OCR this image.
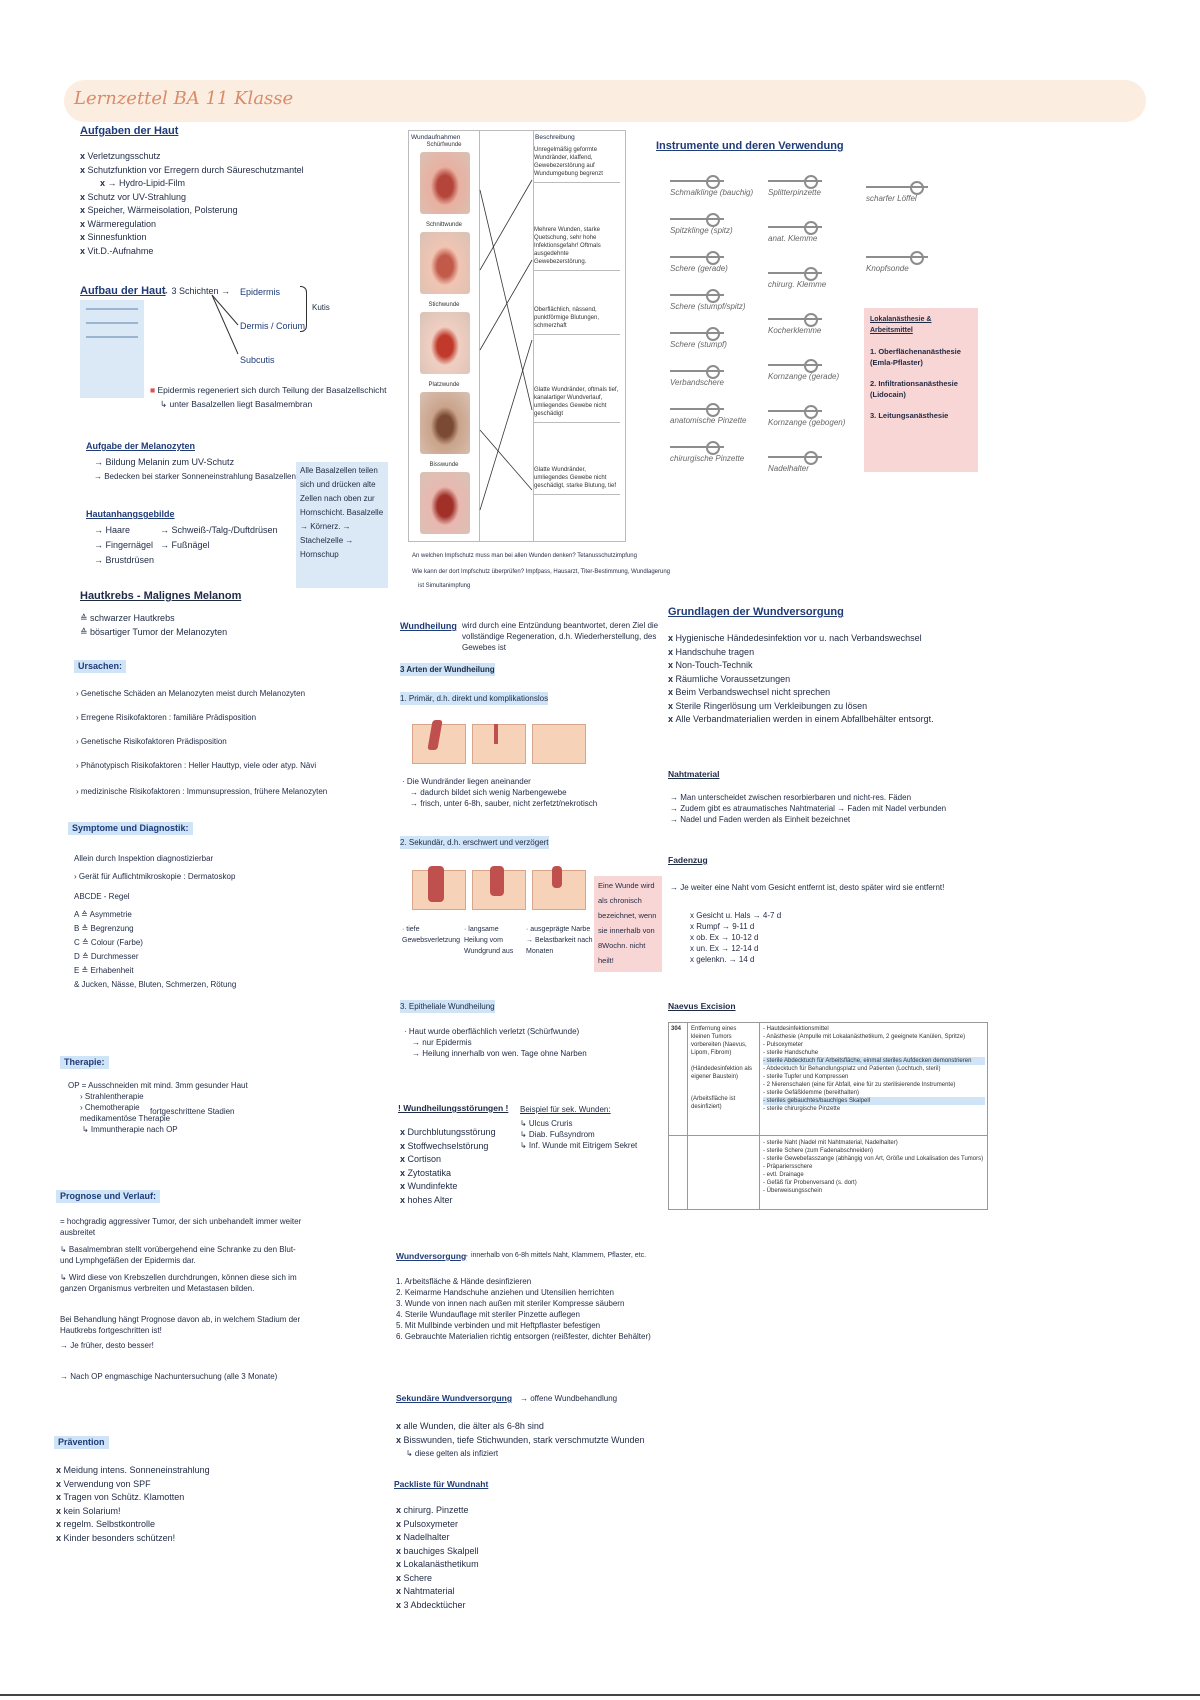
Lernzettel BA 11 Klasse
Aufgaben der Haut
x Verletzungsschutz
x Schutzfunktion vor Erregern durch Säureschutzmantel
x → Hydro-Lipid-Film
x Schutz vor UV-Strahlung
x Speicher, Wärmeisolation, Polsterung
x Wärmeregulation
x Sinnesfunktion
x Vit.D.-Aufnahme
Aufbau der Haut
→ 3 Schichten → Epidermis
Dermis / Corium
Subcutis
Kutis
■ Epidermis regeneriert sich durch Teilung der Basalzellschicht
↳ unter Basalzellen liegt Basalmembran
Aufgabe der Melanozyten
→ Bildung Melanin zum UV-Schutz
→ Bedecken bei starker Sonneneinstrahlung Basalzellen
Alle Basalzellen teilen sich und drücken alte Zellen nach oben zur Hornschicht. Basalzelle → Körnerz. → Stachelzelle → Hornschup
Hautanhangsgebilde
→ Haare	→ Schweiß-/Talg-/Duftdrüsen
→ Fingernägel → Fußnägel
→ Brustdrüsen
Hautkrebs - Malignes Melanom
≙ schwarzer Hautkrebs
≙ bösartiger Tumor der Melanozyten
Ursachen:
› Genetische Schäden an Melanozyten meist durch Melanozyten
› Erregene Risikofaktoren : familiäre Prädisposition
› Genetische Risikofaktoren Prädisposition
› Phänotypisch Risikofaktoren : Heller Hauttyp, viele oder atyp. Nävi
› medizinische Risikofaktoren : Immunsupression, frühere Melanozyten
Symptome und Diagnostik:
Allein durch Inspektion diagnostizierbar
› Gerät für Auflichtmikroskopie : Dermatoskop
ABCDE - Regel
A ≙ Asymmetrie
B ≙ Begrenzung
C ≙ Colour (Farbe)
D ≙ Durchmesser
E ≙ Erhabenheit
& Jucken, Nässe, Bluten, Schmerzen, Rötung
Therapie:
OP = Ausschneiden mit mind. 3mm gesunder Haut
› Strahlentherapie
› Chemotherapie
medikamentöse Therapie
↳ Immuntherapie nach OP
fortgeschrittene Stadien
Prognose und Verlauf:
= hochgradig aggressiver Tumor, der sich unbehandelt immer weiter ausbreitet
↳ Basalmembran stellt vorübergehend eine Schranke zu den Blut- und Lymphgefäßen der Epidermis dar.
↳ Wird diese von Krebszellen durchdrungen, können diese sich im ganzen Organismus verbreiten und Metastasen bilden.
Bei Behandlung hängt Prognose davon ab, in welchem Stadium der Hautkrebs fortgeschritten ist!
→ Je früher, desto besser!
→ Nach OP engmaschige Nachuntersuchung (alle 3 Monate)
Prävention
x Meidung intens. Sonneneinstrahlung
x Verwendung von SPF
x Tragen von Schütz. Klamotten
x kein Solarium!
x regelm. Selbstkontrolle
x Kinder besonders schützen!
Wundaufnahmen	Beschreibung
Schürfwunde
Unregelmäßig geformte Wundränder, klaffend, Gewebezerstörung auf Wundumgebung begrenzt
Schnittwunde
Mehrere Wunden, starke Quetschung, sehr hohe Infektionsgefahr! Oftmals ausgedehnte Gewebezerstörung.
Stichwunde
Oberflächlich, nässend, punktförmige Blutungen, schmerzhaft
Platzwunde
Glatte Wundränder, oftmals tief, kanalartiger Wundverlauf, umliegendes Gewebe nicht geschädigt
Bisswunde
Glatte Wundränder, umliegendes Gewebe nicht geschädigt, starke Blutung, tief
An welchen Impfschutz muss man bei allen Wunden denken? Tetanusschutzimpfung
Wie kann der dort Impfschutz überprüfen? Impfpass, Hausarzt, Titer-Bestimmung, Wundlagerung
ist Simultanimpfung
Wundheilung wird durch eine Entzündung beantwortet, deren Ziel die vollständige Regeneration, d.h. Wiederherstellung, des Gewebes ist
3 Arten der Wundheilung
1. Primär, d.h. direkt und komplikationslos
· Die Wundränder liegen aneinander
→ dadurch bildet sich wenig Narbengewebe
→ frisch, unter 6-8h, sauber, nicht zerfetzt/nekrotisch
2. Sekundär, d.h. erschwert und verzögert
· tiefe Gewebsverletzung
· langsame Heilung vom Wundgrund aus
· ausgeprägte Narbe → Belastbarkeit nach Monaten
Eine Wunde wird als chronisch bezeichnet, wenn sie innerhalb von 8Wochn. nicht heilt!
3. Epitheliale Wundheilung
· Haut wurde oberflächlich verletzt (Schürfwunde)
→ nur Epidermis
→ Heilung innerhalb von wen. Tage ohne Narben
! Wundheilungsstörungen !
x Durchblutungsstörung
x Stoffwechselstörung
x Cortison
x Zytostatika
x Wundinfekte
x hohes Alter
Beispiel für sek. Wunden:
↳ Ulcus Cruris
↳ Diab. Fußsyndrom
↳ Inf. Wunde mit Eitrigem Sekret
Wundversorgung
→ innerhalb von 6-8h mittels Naht, Klammern, Pflaster, etc.
1. Arbeitsfläche & Hände desinfizieren
2. Keimarme Handschuhe anziehen und Utensilien herrichten
3. Wunde von innen nach außen mit steriler Kompresse säubern
4. Sterile Wundauflage mit steriler Pinzette auflegen
5. Mit Mullbinde verbinden und mit Heftpflaster befestigen
6. Gebrauchte Materialien richtig entsorgen (reißfester, dichter Behälter)
Sekundäre Wundversorgung → offene Wundbehandlung
x alle Wunden, die älter als 6-8h sind
x Bisswunden, tiefe Stichwunden, stark verschmutzte Wunden
↳ diese gelten als infiziert
Packliste für Wundnaht
x chirurg. Pinzette
x Pulsoxymeter
x Nadelhalter
x bauchiges Skalpell
x Lokalanästhetikum
x Schere
x Nahtmaterial
x 3 Abdecktücher
Instrumente und deren Verwendung
Schmalklinge (bauchig)
Spitzklinge (spitz)
Schere (gerade)
Schere (stumpf/spitz)
Schere (stumpf)
Verbandschere
anatomische Pinzette
chirurgische Pinzette
Splitterpinzette
anat. Klemme
chirurg. Klemme
Kocherklemme
Kornzange (gerade)
Kornzange (gebogen)
Nadelhalter
scharfer Löffel
Knopfsonde
Lokalanästhesie & Arbeitsmittel
1. Oberflächenanästhesie (Emla-Pflaster)
2. Infiltrationsanästhesie (Lidocain)
3. Leitungsanästhesie
Grundlagen der Wundversorgung
x Hygienische Händedesinfektion vor u. nach Verbandswechsel
x Handschuhe tragen
x Non-Touch-Technik
x Räumliche Voraussetzungen
x Beim Verbandswechsel nicht sprechen
x Sterile Ringerlösung um Verkleibungen zu lösen
x Alle Verbandmaterialien werden in einem Abfallbehälter entsorgt.
Nahtmaterial
→ Man unterscheidet zwischen resorbierbaren und nicht-res. Fäden
→ Zudem gibt es atraumatisches Nahtmaterial → Faden mit Nadel verbunden
→ Nadel und Faden werden als Einheit bezeichnet
Fadenzug
→ Je weiter eine Naht vom Gesicht entfernt ist, desto später wird sie entfernt!
x Gesicht u. Hals → 4-7 d
x Rumpf → 9-11 d
x ob. Ex → 10-12 d
x un. Ex → 12-14 d
x gelenkn. → 14 d
Naevus Excision
304 Entfernung eines kleinen Tumors vorbereiten (Naevus, Lipom, Fibrom)
(Händedesinfektion als eigener Baustein)
(Arbeitsfläche ist desinfiziert)
- Hautdesinfektionsmittel
- Anästhesie (Ampulle mit Lokalanästhetikum, 2 geeignete Kanülen, Spritze)
- Pulsoxymeter
- sterile Handschuhe
- sterile Abdecktuch für Arbeitsfläche, einmal steriles Aufdecken demonstrieren
- Abdecktuch für Behandlungsplatz und Patienten (Lochtuch, steril)
- sterile Tupfer und Kompressen
- 2 Nierenschalen (eine für Abfall, eine für zu sterilisierende Instrumente)
- sterile Gefäßklemme (bereithalten)
- steriles gebauchtes/bauchiges Skalpell
- sterile chirurgische Pinzette
- sterile Naht (Nadel mit Nahtmaterial, Nadelhalter)
- sterile Schere (zum Fadenabschneiden)
- sterile Gewebefasszange (abhängig von Art, Größe und Lokalisation des Tumors)
- Präpariersschere
- evtl. Drainage
- Gefäß für Probenversand (s. dort)
- Überweisungsschein
